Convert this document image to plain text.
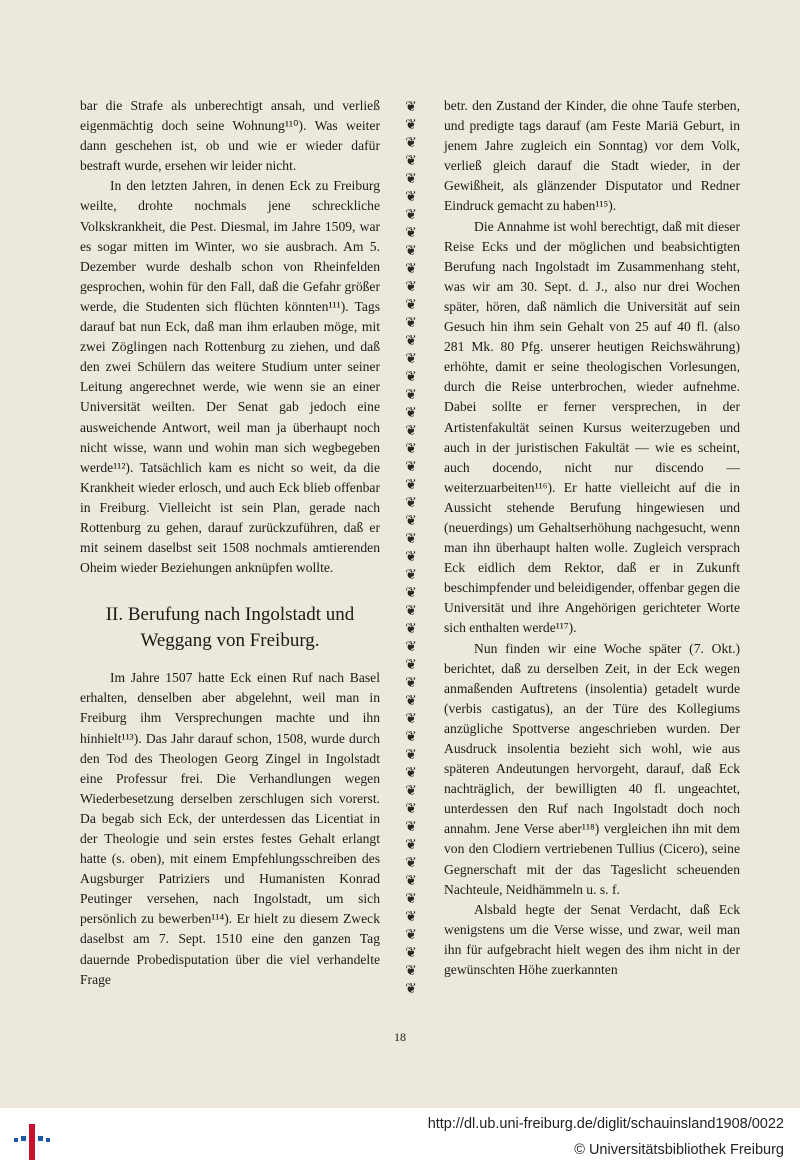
bar die Strafe als unberechtigt ansah, und verließ eigenmächtig doch seine Wohnung¹¹⁰). Was weiter dann geschehen ist, ob und wie er wieder dafür bestraft wurde, ersehen wir leider nicht.

In den letzten Jahren, in denen Eck zu Freiburg weilte, drohte nochmals jene schreckliche Volkskrankheit, die Pest. Diesmal, im Jahre 1509, war es sogar mitten im Winter, wo sie ausbrach. Am 5. Dezember wurde deshalb schon von Rheinfelden gesprochen, wohin für den Fall, daß die Gefahr größer werde, die Studenten sich flüchten könnten¹¹¹). Tags darauf bat nun Eck, daß man ihm erlauben möge, mit zwei Zöglingen nach Rottenburg zu ziehen, und daß den zwei Schülern das weitere Studium unter seiner Leitung angerechnet werde, wie wenn sie an einer Universität weilten. Der Senat gab jedoch eine ausweichende Antwort, weil man ja überhaupt noch nicht wisse, wann und wohin man sich wegbegeben werde¹¹²). Tatsächlich kam es nicht so weit, da die Krankheit wieder erlosch, und auch Eck blieb offenbar in Freiburg. Vielleicht ist sein Plan, gerade nach Rottenburg zu gehen, darauf zurückzuführen, daß er mit seinem daselbst seit 1508 nochmals amtierenden Oheim wieder Beziehungen anknüpfen wollte.

II. Berufung nach Ingolstadt und
Weggang von Freiburg.

Im Jahre 1507 hatte Eck einen Ruf nach Basel erhalten, denselben aber abgelehnt, weil man in Freiburg ihm Versprechungen machte und ihn hinhielt¹¹³). Das Jahr darauf schon, 1508, wurde durch den Tod des Theologen Georg Zingel in Ingolstadt eine Professur frei. Die Verhandlungen wegen Wiederbesetzung derselben zerschlugen sich vorerst. Da begab sich Eck, der unterdessen das Licentiat in der Theologie und sein erstes festes Gehalt erlangt hatte (s. oben), mit einem Empfehlungsschreiben des Augsburger Patriziers und Humanisten Konrad Peutinger versehen, nach Ingolstadt, um sich persönlich zu bewerben¹¹⁴). Er hielt zu diesem Zweck daselbst am 7. Sept. 1510 eine den ganzen Tag dauernde Probedisputation über die viel verhandelte Frage

❦
❦
❦
❦
❦
❦
❦
❦
❦
❦
❦
❦
❦
❦
❦
❦
❦
❦
❦
❦
❦
❦
❦
❦
❦
❦
❦
❦
❦
❦
❦
❦
❦
❦
❦
❦
❦
❦
❦
❦
❦
❦
❦
❦
❦
❦
❦
❦
❦
❦

betr. den Zustand der Kinder, die ohne Taufe sterben, und predigte tags darauf (am Feste Mariä Geburt, in jenem Jahre zugleich ein Sonntag) vor dem Volk, verließ gleich darauf die Stadt wieder, in der Gewißheit, als glänzender Disputator und Redner Eindruck gemacht zu haben¹¹⁵).

Die Annahme ist wohl berechtigt, daß mit dieser Reise Ecks und der möglichen und beabsichtigten Berufung nach Ingolstadt im Zusammenhang steht, was wir am 30. Sept. d. J., also nur drei Wochen später, hören, daß nämlich die Universität auf sein Gesuch hin ihm sein Gehalt von 25 auf 40 fl. (also 281 Mk. 80 Pfg. unserer heutigen Reichswährung) erhöhte, damit er seine theologischen Vorlesungen, durch die Reise unterbrochen, wieder aufnehme. Dabei sollte er ferner versprechen, in der Artistenfakultät seinen Kursus weiterzugeben und auch in der juristischen Fakultät — wie es scheint, auch docendo, nicht nur discendo — weiterzuarbeiten¹¹⁶). Er hatte vielleicht auf die in Aussicht stehende Berufung hingewiesen und (neuerdings) um Gehaltserhöhung nachgesucht, wenn man ihn überhaupt halten wolle. Zugleich versprach Eck eidlich dem Rektor, daß er in Zukunft beschimpfender und beleidigender, offenbar gegen die Universität und ihre Angehörigen gerichteter Worte sich enthalten werde¹¹⁷).

Nun finden wir eine Woche später (7. Okt.) berichtet, daß zu derselben Zeit, in der Eck wegen anmaßenden Auftretens (insolentia) getadelt wurde (verbis castigatus), an der Türe des Kollegiums anzügliche Spottverse angeschrieben wurden. Der Ausdruck insolentia bezieht sich wohl, wie aus späteren Andeutungen hervorgeht, darauf, daß Eck nachträglich, der bewilligten 40 fl. ungeachtet, unterdessen den Ruf nach Ingolstadt doch noch annahm. Jene Verse aber¹¹⁸) vergleichen ihn mit dem von den Clodiern vertriebenen Tullius (Cicero), seine Gegnerschaft mit der das Tageslicht scheuenden Nachteule, Neidhämmeln u. s. f.

Alsbald hegte der Senat Verdacht, daß Eck wenigstens um die Verse wisse, und zwar, weil man ihn für aufgebracht hielt wegen des ihm nicht in der gewünschten Höhe zuerkannten

18
http://dl.ub.uni-freiburg.de/diglit/schauinsland1908/0022
© Universitätsbibliothek Freiburg
